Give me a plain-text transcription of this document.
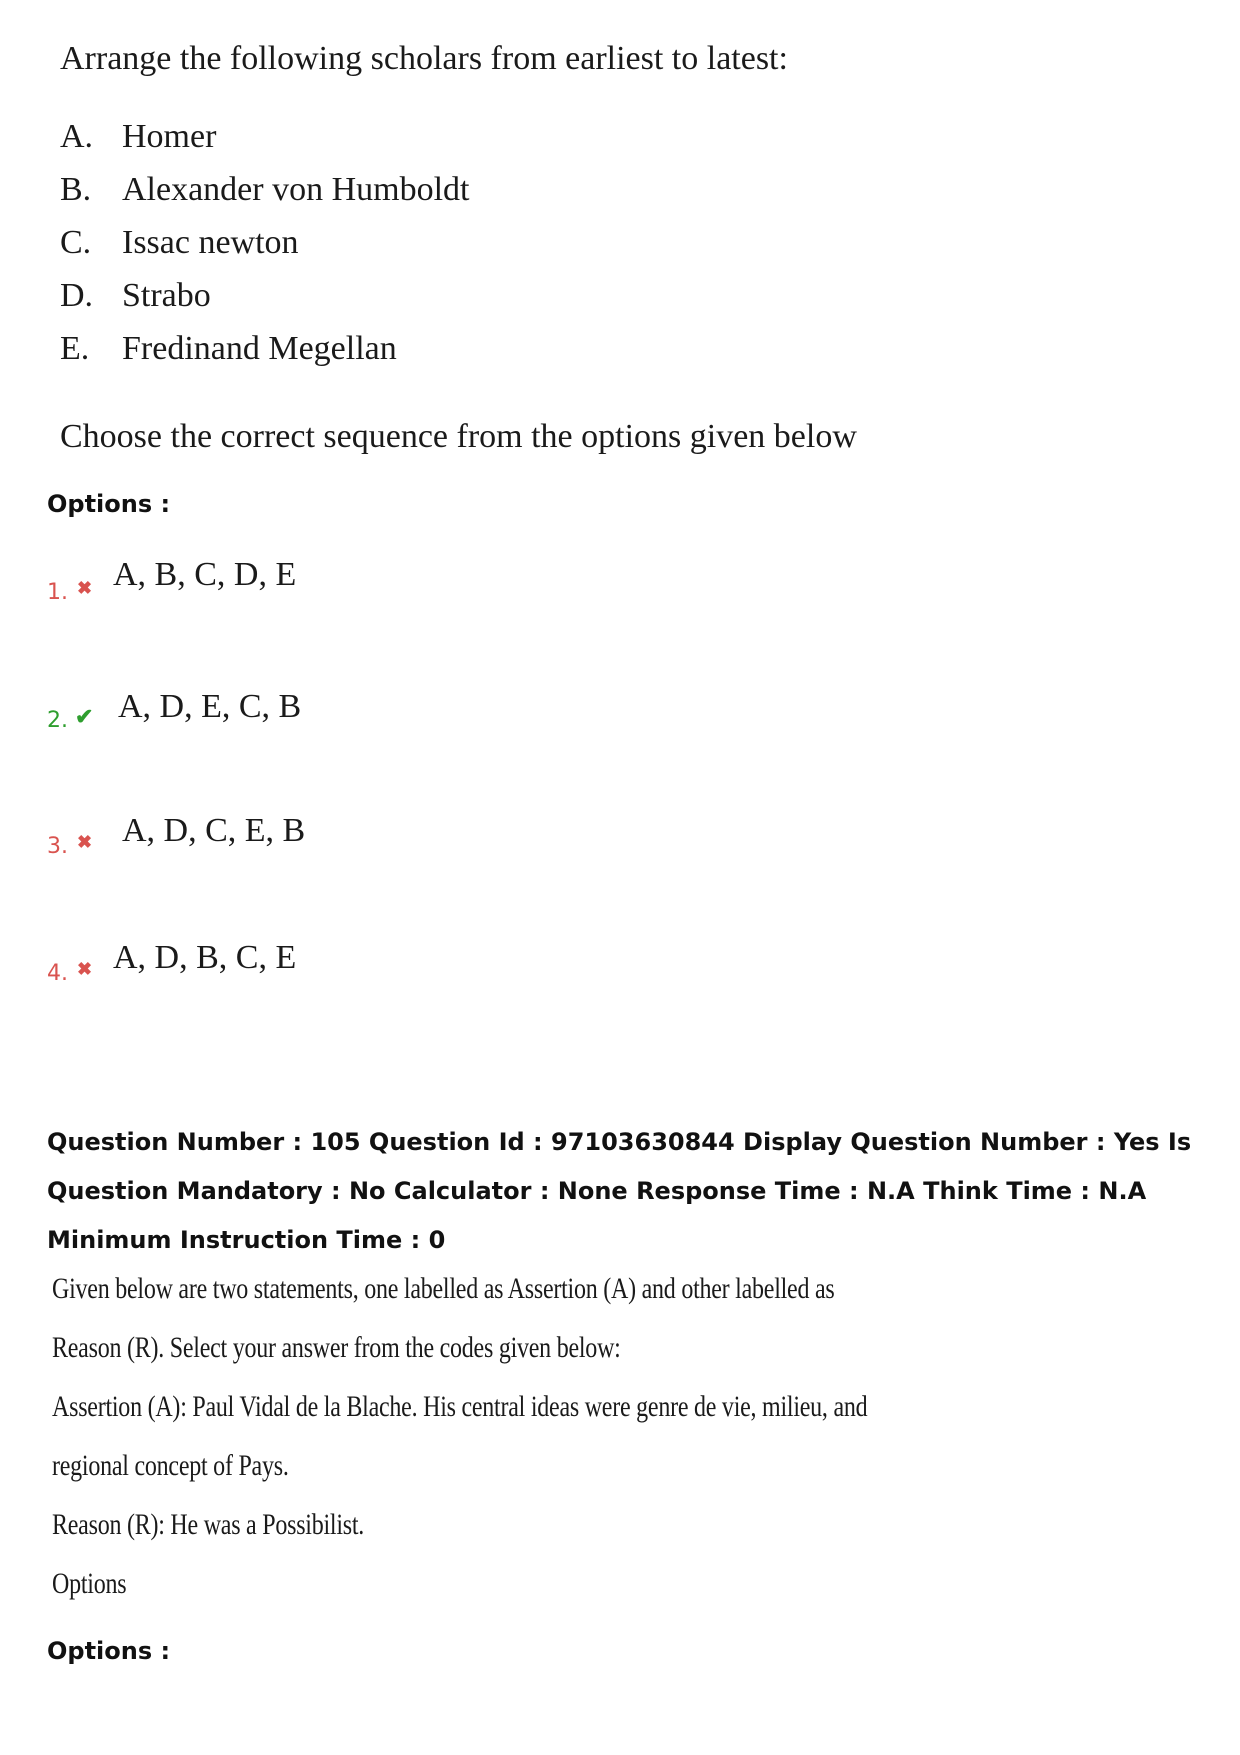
Arrange the following scholars from earliest to latest:
A. Homer
B. Alexander von Humboldt
C. Issac newton
D. Strabo
E. Fredinand Megellan
Choose the correct sequence from the options given below
Options :
1. ✖ A, B, C, D, E
2. ✔ A, D, E, C, B
3. ✖ A, D, C, E, B
4. ✖ A, D, B, C, E
Question Number : 105 Question Id : 97103630844 Display Question Number : Yes Is Question Mandatory : No Calculator : None Response Time : N.A Think Time : N.A Minimum Instruction Time : 0
Given below are two statements, one labelled as Assertion (A) and other labelled as
Reason (R). Select your answer from the codes given below:
Assertion (A): Paul Vidal de la Blache. His central ideas were genre de vie, milieu, and
regional concept of Pays.
Reason (R): He was a Possibilist.
Options
Options :
